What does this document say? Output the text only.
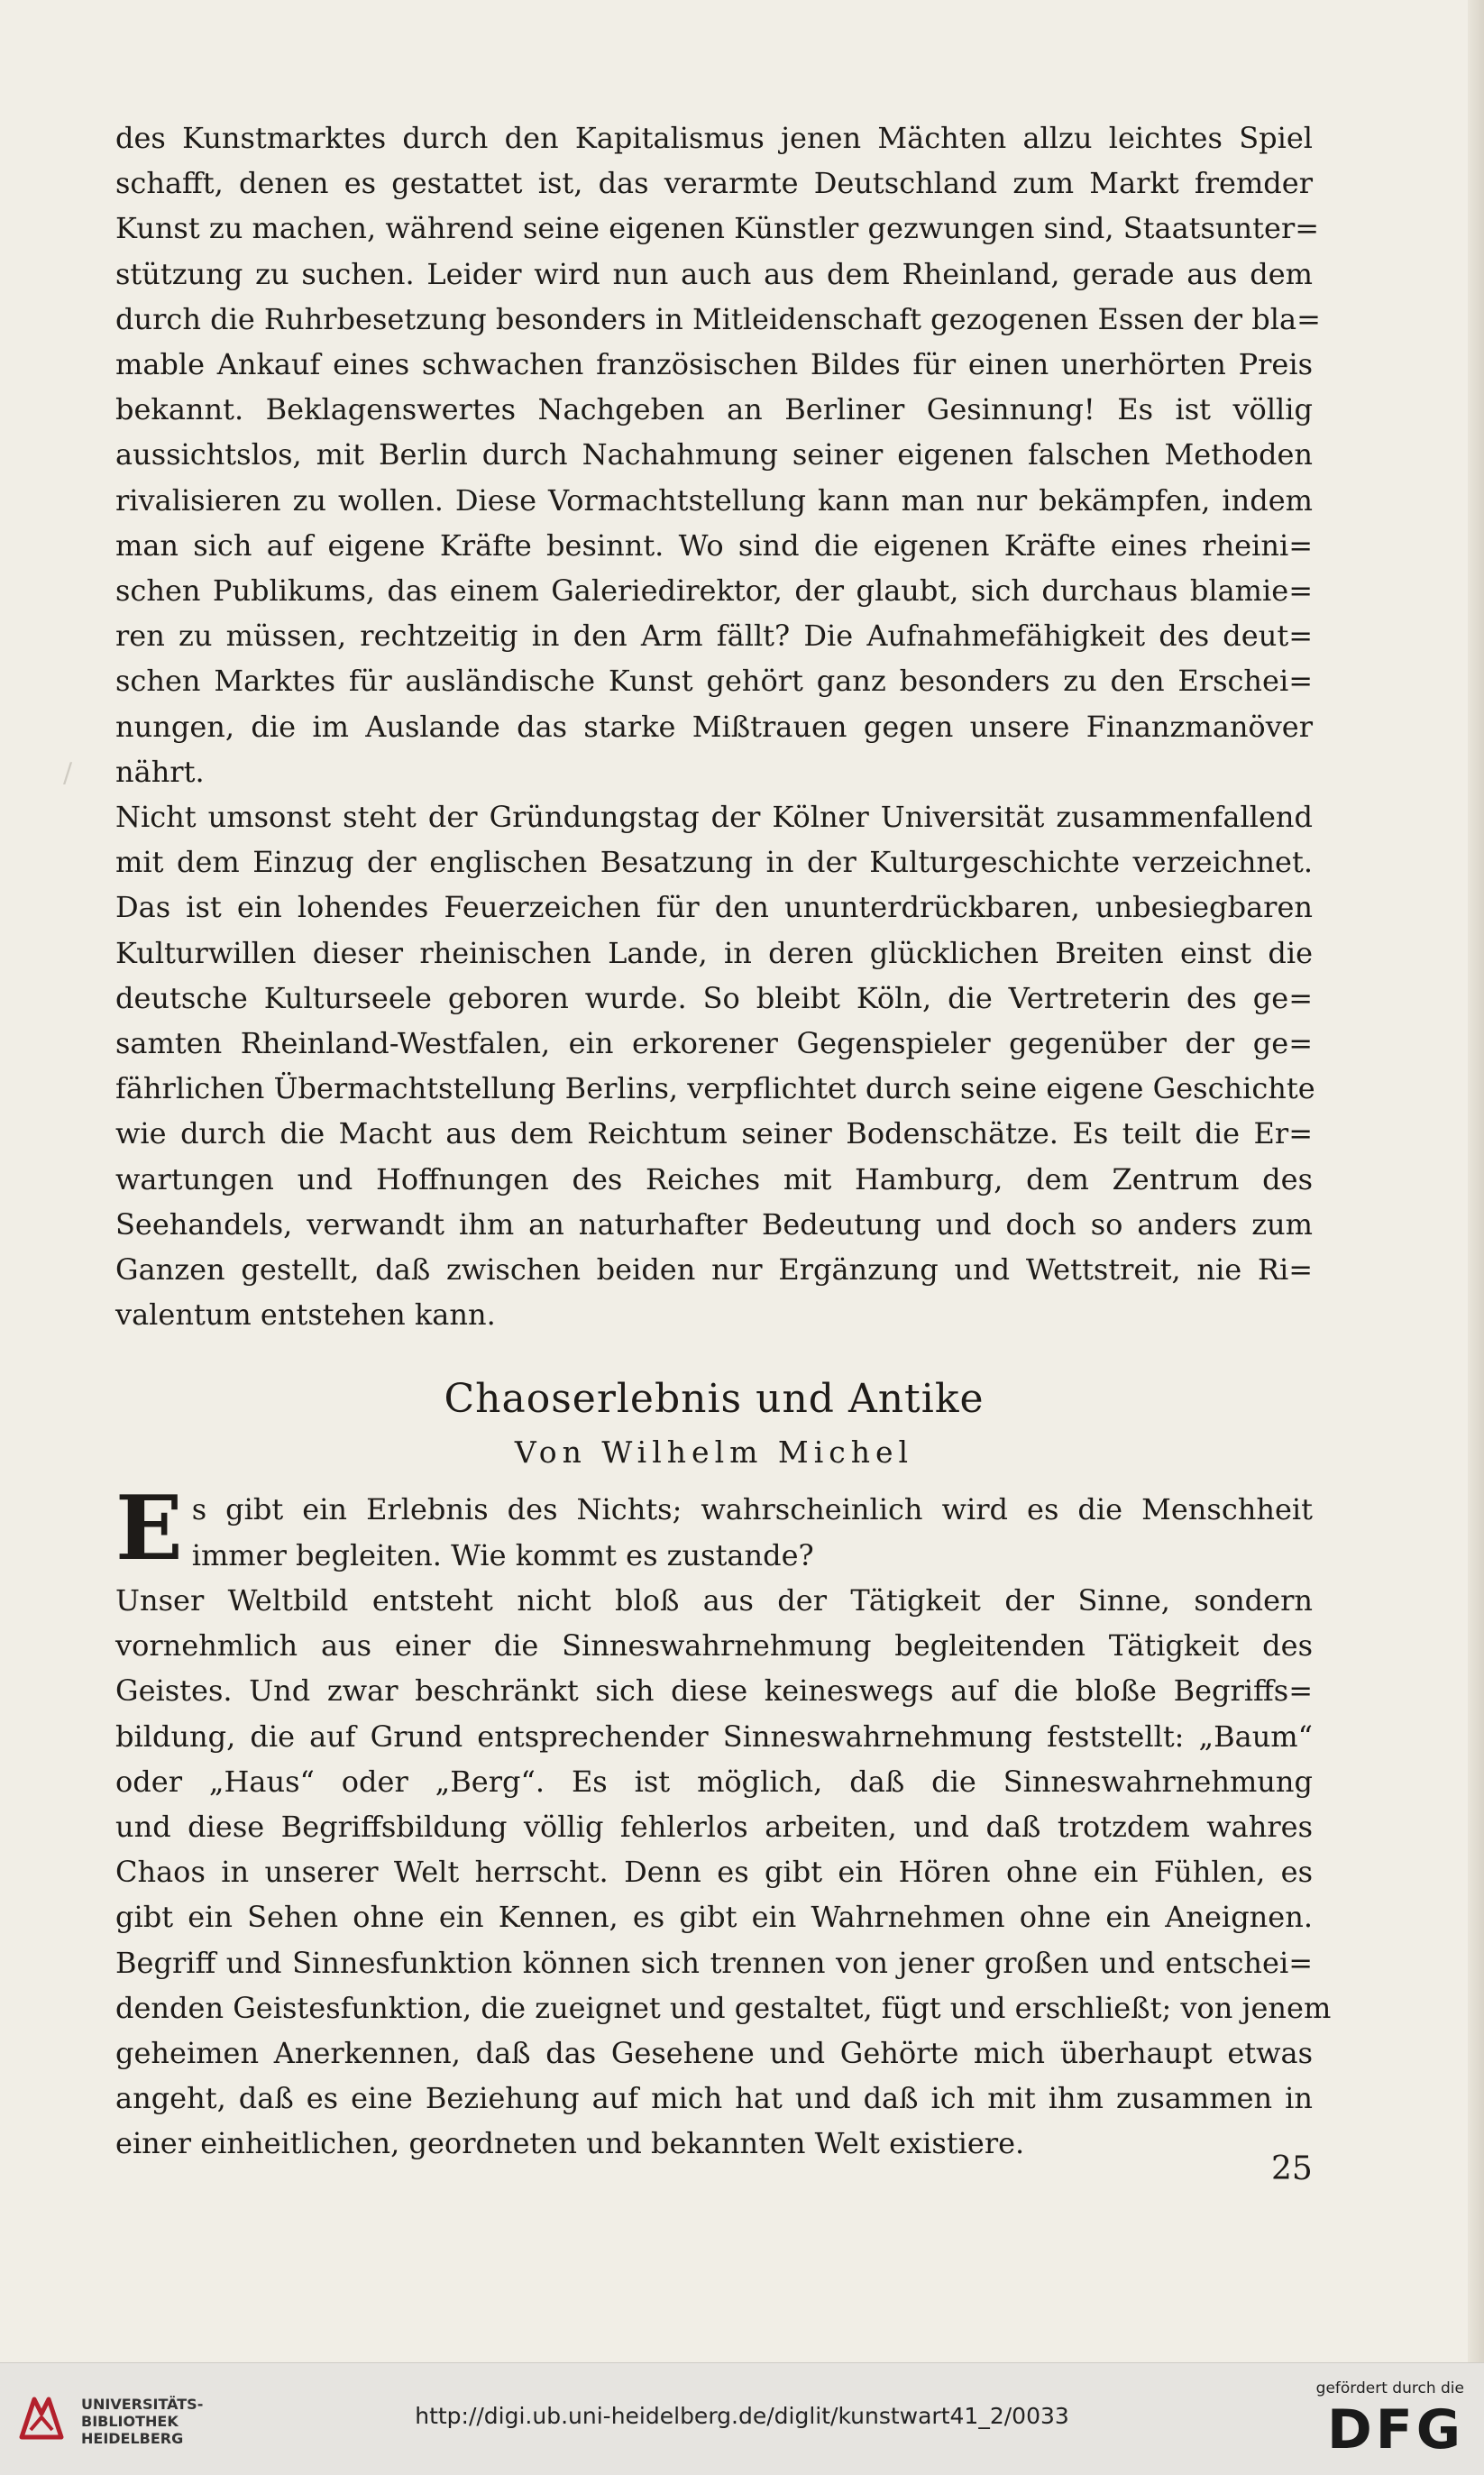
/

des Kunstmarktes durch den Kapitalismus jenen Mächten allzu leichtes Spiel
schafft, denen es gestattet ist, das verarmte Deutschland zum Markt fremder
Kunst zu machen, während seine eigenen Künstler gezwungen sind, Staatsunter=
stützung zu suchen. Leider wird nun auch aus dem Rheinland, gerade aus dem
durch die Ruhrbesetzung besonders in Mitleidenschaft gezogenen Essen der bla=
mable Ankauf eines schwachen französischen Bildes für einen unerhörten Preis
bekannt. Beklagenswertes Nachgeben an Berliner Gesinnung! Es ist völlig
aussichtslos, mit Berlin durch Nachahmung seiner eigenen falschen Methoden
rivalisieren zu wollen. Diese Vormachtstellung kann man nur bekämpfen, indem
man sich auf eigene Kräfte besinnt. Wo sind die eigenen Kräfte eines rheini=
schen Publikums, das einem Galeriedirektor, der glaubt, sich durchaus blamie=
ren zu müssen, rechtzeitig in den Arm fällt? Die Aufnahmefähigkeit des deut=
schen Marktes für ausländische Kunst gehört ganz besonders zu den Erschei=
nungen, die im Auslande das starke Mißtrauen gegen unsere Finanzmanöver
nährt.

Nicht umsonst steht der Gründungstag der Kölner Universität zusammenfallend
mit dem Einzug der englischen Besatzung in der Kulturgeschichte verzeichnet.
Das ist ein lohendes Feuerzeichen für den ununterdrückbaren, unbesiegbaren
Kulturwillen dieser rheinischen Lande, in deren glücklichen Breiten einst die
deutsche Kulturseele geboren wurde. So bleibt Köln, die Vertreterin des ge=
samten Rheinland-Westfalen, ein erkorener Gegenspieler gegenüber der ge=
fährlichen Übermachtstellung Berlins, verpflichtet durch seine eigene Geschichte
wie durch die Macht aus dem Reichtum seiner Bodenschätze. Es teilt die Er=
wartungen und Hoffnungen des Reiches mit Hamburg, dem Zentrum des
Seehandels, verwandt ihm an naturhafter Bedeutung und doch so anders zum
Ganzen gestellt, daß zwischen beiden nur Ergänzung und Wettstreit, nie Ri=
valentum entstehen kann.

Chaoserlebnis und Antike
Von Wilhelm Michel
E s gibt ein Erlebnis des Nichts; wahrscheinlich wird es die Menschheit
immer begleiten. Wie kommt es zustande?

Unser Weltbild entsteht nicht bloß aus der Tätigkeit der Sinne, sondern
vornehmlich aus einer die Sinneswahrnehmung begleitenden Tätigkeit des
Geistes. Und zwar beschränkt sich diese keineswegs auf die bloße Begriffs=
bildung, die auf Grund entsprechender Sinneswahrnehmung feststellt: „Baum“
oder „Haus“ oder „Berg“. Es ist möglich, daß die Sinneswahrnehmung
und diese Begriffsbildung völlig fehlerlos arbeiten, und daß trotzdem wahres
Chaos in unserer Welt herrscht. Denn es gibt ein Hören ohne ein Fühlen, es
gibt ein Sehen ohne ein Kennen, es gibt ein Wahrnehmen ohne ein Aneignen.
Begriff und Sinnesfunktion können sich trennen von jener großen und entschei=
denden Geistesfunktion, die zueignet und gestaltet, fügt und erschließt; von jenem
geheimen Anerkennen, daß das Gesehene und Gehörte mich überhaupt etwas
angeht, daß es eine Beziehung auf mich hat und daß ich mit ihm zusammen in
einer einheitlichen, geordneten und bekannten Welt existiere.

25
UNIVERSITÄTS-
BIBLIOTHEK
HEIDELBERG
http://digi.ub.uni-heidelberg.de/diglit/kunstwart41_2/0033
gefördert durch die
DFG
